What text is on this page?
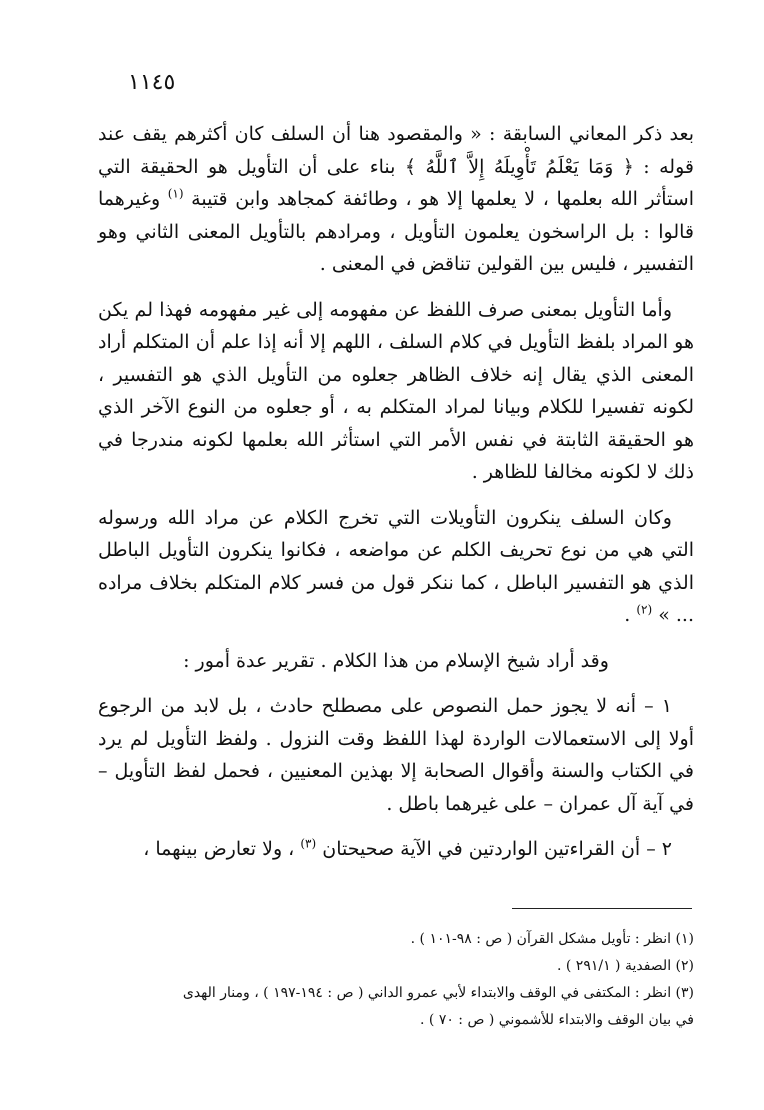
١١٤٥

بعد ذكر المعاني السابقة : « والمقصود هنا أن السلف كان أكثرهم يقف عند قوله : ﴿ وَمَا يَعْلَمُ تَأْوِيلَهُ إِلاَّ ٱللَّهُ ﴾ بناء على أن التأويل هو الحقيقة التي استأثر الله بعلمها ، لا يعلمها إلا هو ، وطائفة كمجاهد وابن قتيبة $^{(١)}$ وغيرهما قالوا : بل الراسخون يعلمون التأويل ، ومرادهم بالتأويل المعنى الثاني وهو التفسير ، فليس بين القولين تناقض في المعنى .

وأما التأويل بمعنى صرف اللفظ عن مفهومه إلى غير مفهومه فهذا لم يكن هو المراد بلفظ التأويل في كلام السلف ، اللهم إلا أنه إذا علم أن المتكلم أراد المعنى الذي يقال إنه خلاف الظاهر جعلوه من التأويل الذي هو التفسير ، لكونه تفسيرا للكلام وبيانا لمراد المتكلم به ، أو جعلوه من النوع الآخر الذي هو الحقيقة الثابتة في نفس الأمر التي استأثر الله بعلمها لكونه مندرجا في ذلك لا لكونه مخالفا للظاهر .

وكان السلف ينكرون التأويلات التي تخرج الكلام عن مراد الله ورسوله التي هي من نوع تحريف الكلم عن مواضعه ، فكانوا ينكرون التأويل الباطل الذي هو التفسير الباطل ، كما ننكر قول من فسر كلام المتكلم بخلاف مراده ... » $^{(٢)}$ .

وقد أراد شيخ الإسلام من هذا الكلام . تقرير عدة أمور :

١ – أنه لا يجوز حمل النصوص على مصطلح حادث ، بل لابد من الرجوع أولا إلى الاستعمالات الواردة لهذا اللفظ وقت النزول . ولفظ التأويل لم يرد في الكتاب والسنة وأقوال الصحابة إلا بهذين المعنيين ، فحمل لفظ التأويل – في آية آل عمران – على غيرهما باطل .

٢ – أن القراءتين الواردتين في الآية صحيحتان $^{(٣)}$ ، ولا تعارض بينهما ،

(١) انظر : تأويل مشكل القرآن ( ص : ٩٨-١٠١ ) .

(٢) الصفدية ( ٢٩١/١ ) .

(٣) انظر : المكتفى في الوقف والابتداء لأبي عمرو الداني ( ص : ١٩٤-١٩٧ ) ، ومنار الهدى

في بيان الوقف والابتداء للأشموني ( ص : ٧٠ ) .
